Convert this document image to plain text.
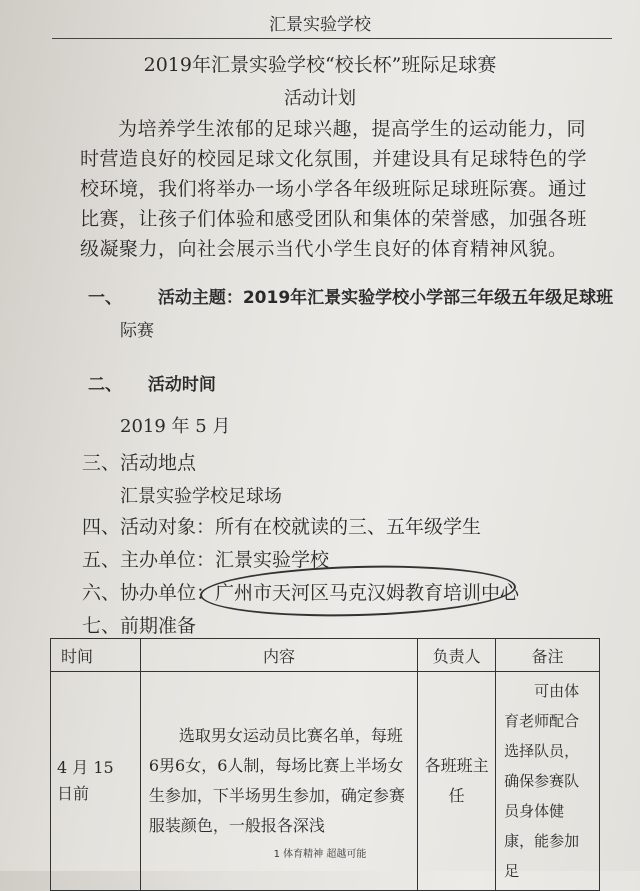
汇景实验学校
2019年汇景实验学校“校长杯”班际足球赛
活动计划
为培养学生浓郁的足球兴趣，提高学生的运动能力，同时营造良好的校园足球文化氛围，并建设具有足球特色的学校环境，我们将举办一场小学各年级班际足球班际赛。通过比赛，让孩子们体验和感受团队和集体的荣誉感，加强各班级凝聚力，向社会展示当代小学生良好的体育精神风貌。
一、 活动主题：2019年汇景实验学校小学部三年级五年级足球班
际赛
二、 活动时间
2019 年 5 月
三、活动地点
汇景实验学校足球场
四、活动对象：所有在校就读的三、五年级学生
五、主办单位：汇景实验学校
六、协办单位：广州市天河区马克汉姆教育培训中心
七、前期准备
时间	内容	负责人	备注
4 月 15 日前	选取男女运动员比赛名单，每班6男6女，6人制，每场比赛上半场女生参加，下半场男生参加，确定参赛服装颜色，一般报各深浅	各班班主任	可由体育老师配合选择队员，确保参赛队员身体健康，能参加足
1 体育精神 超越可能
